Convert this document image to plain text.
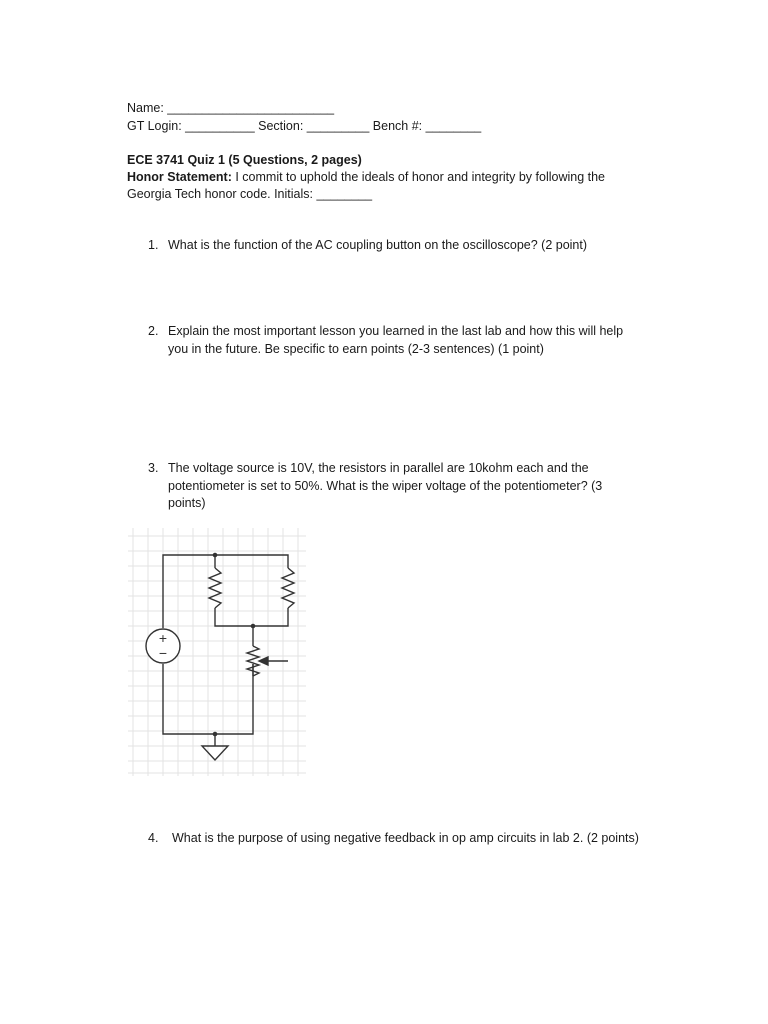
Name: ________________________
GT Login: __________ Section: _________ Bench #: ________
ECE 3741 Quiz 1 (5 Questions, 2 pages)
Honor Statement: I commit to uphold the ideals of honor and integrity by following the
Georgia Tech honor code. Initials: ________
1. What is the function of the AC coupling button on the oscilloscope? (2 point)
2. Explain the most important lesson you learned in the last lab and how this will help you in the future. Be specific to earn points (2-3 sentences) (1 point)
3. The voltage source is 10V, the resistors in parallel are 10kohm each and the potentiometer is set to 50%. What is the wiper voltage of the potentiometer? (3 points)
+
−
4. What is the purpose of using negative feedback in op amp circuits in lab 2. (2 points)
